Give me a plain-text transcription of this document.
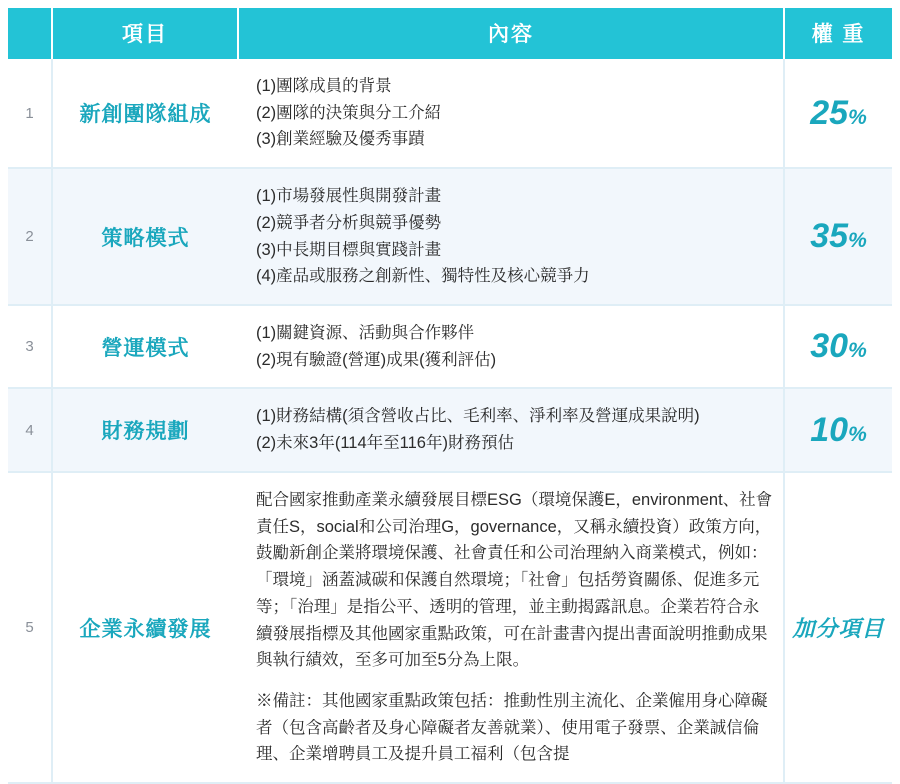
	項目	內容	權 重
1	新創團隊組成	(1)團隊成員的背景
(2)團隊的決策與分工介紹
(3)創業經驗及優秀事蹟	25%
2	策略模式	(1)市場發展性與開發計畫
(2)競爭者分析與競爭優勢
(3)中長期目標與實踐計畫
(4)產品或服務之創新性、獨特性及核心競爭力	35%
3	營運模式	(1)關鍵資源、活動與合作夥伴
(2)現有驗證(營運)成果(獲利評估)	30%
4	財務規劃	(1)財務結構(須含營收占比、毛利率、淨利率及營運成果說明)
(2)未來3年(114年至116年)財務預估	10%
5	企業永續發展	配合國家推動產業永續發展目標ESG（環境保護E，environment、社會責任S，social和公司治理G，governance，又稱永續投資）政策方向，鼓勵新創企業將環境保護、社會責任和公司治理納入商業模式，例如：「環境」涵蓋減碳和保護自然環境；「社會」包括勞資關係、促進多元等；「治理」是指公平、透明的管理，並主動揭露訊息。企業若符合永續發展指標及其他國家重點政策，可在計畫書內提出書面說明推動成果與執行績效，至多可加至5分為上限。
※備註：其他國家重點政策包括：推動性別主流化、企業僱用身心障礙者（包含高齡者及身心障礙者友善就業）、使用電子發票、企業誠信倫理、企業增聘員工及提升員工福利（包含提	加分項目
